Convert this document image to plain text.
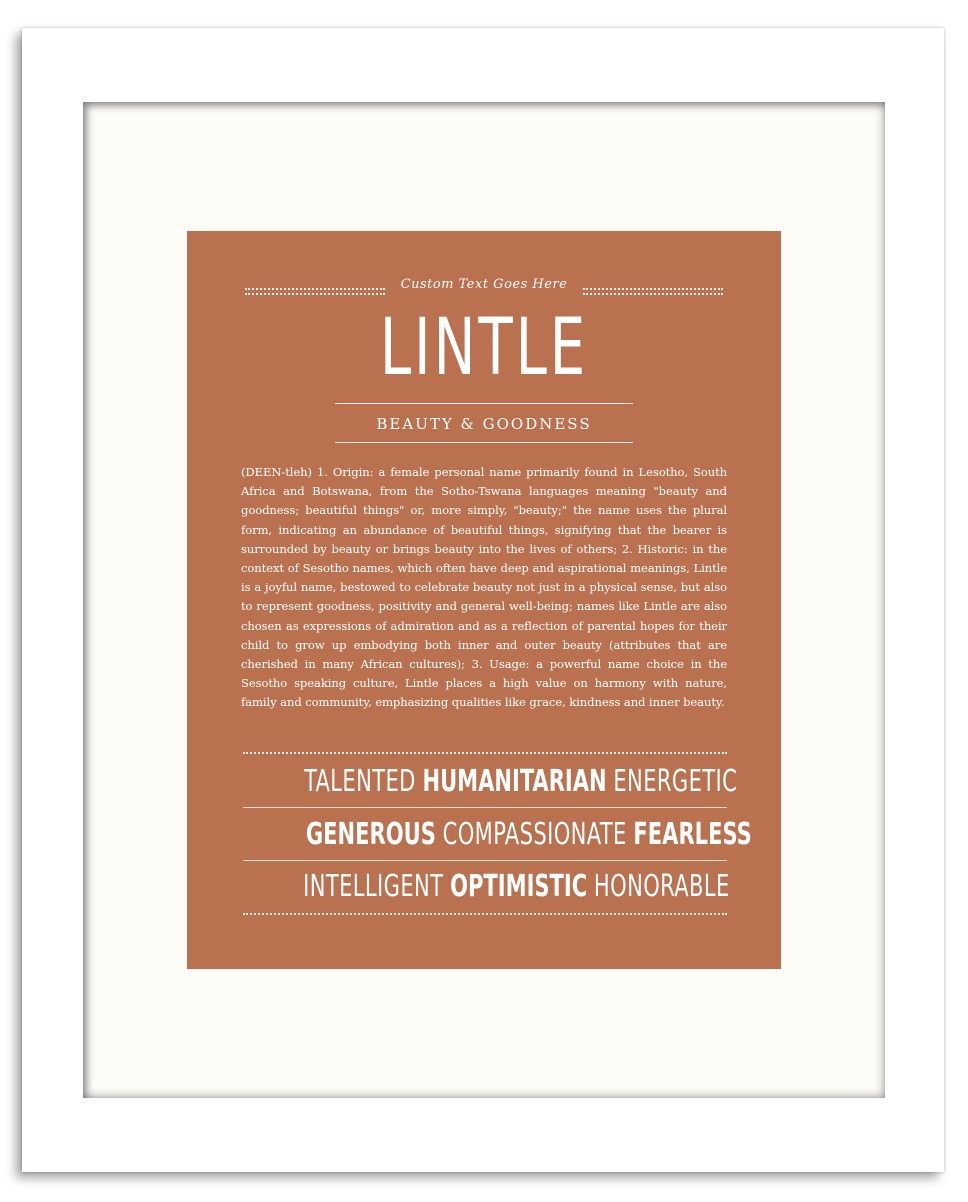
Custom Text Goes Here
LINTLE
BEAUTY & GOODNESS
(DEEN-tleh) 1. Origin: a female personal name primarily found in Lesotho, South Africa and Botswana, from the Sotho-Tswana languages meaning "beauty and goodness; beautiful things" or, more simply, "beauty;" the name uses the plural form, indicating an abundance of beautiful things, signifying that the bearer is surrounded by beauty or brings beauty into the lives of others; 2. Historic: in the context of Sesotho names, which often have deep and aspirational meanings, Lintle is a joyful name, bestowed to celebrate beauty not just in a physical sense, but also to represent goodness, positivity and general well-being; names like Lintle are also chosen as expressions of admiration and as a reflection of parental hopes for their child to grow up embodying both inner and outer beauty (attributes that are cherished in many African cultures); 3. Usage: a powerful name choice in the Sesotho speaking culture, Lintle places a high value on harmony with nature, family and community, emphasizing qualities like grace, kindness and inner beauty.
TALENTED HUMANITARIAN ENERGETIC
GENEROUS COMPASSIONATE FEARLESS
INTELLIGENT OPTIMISTIC HONORABLE
